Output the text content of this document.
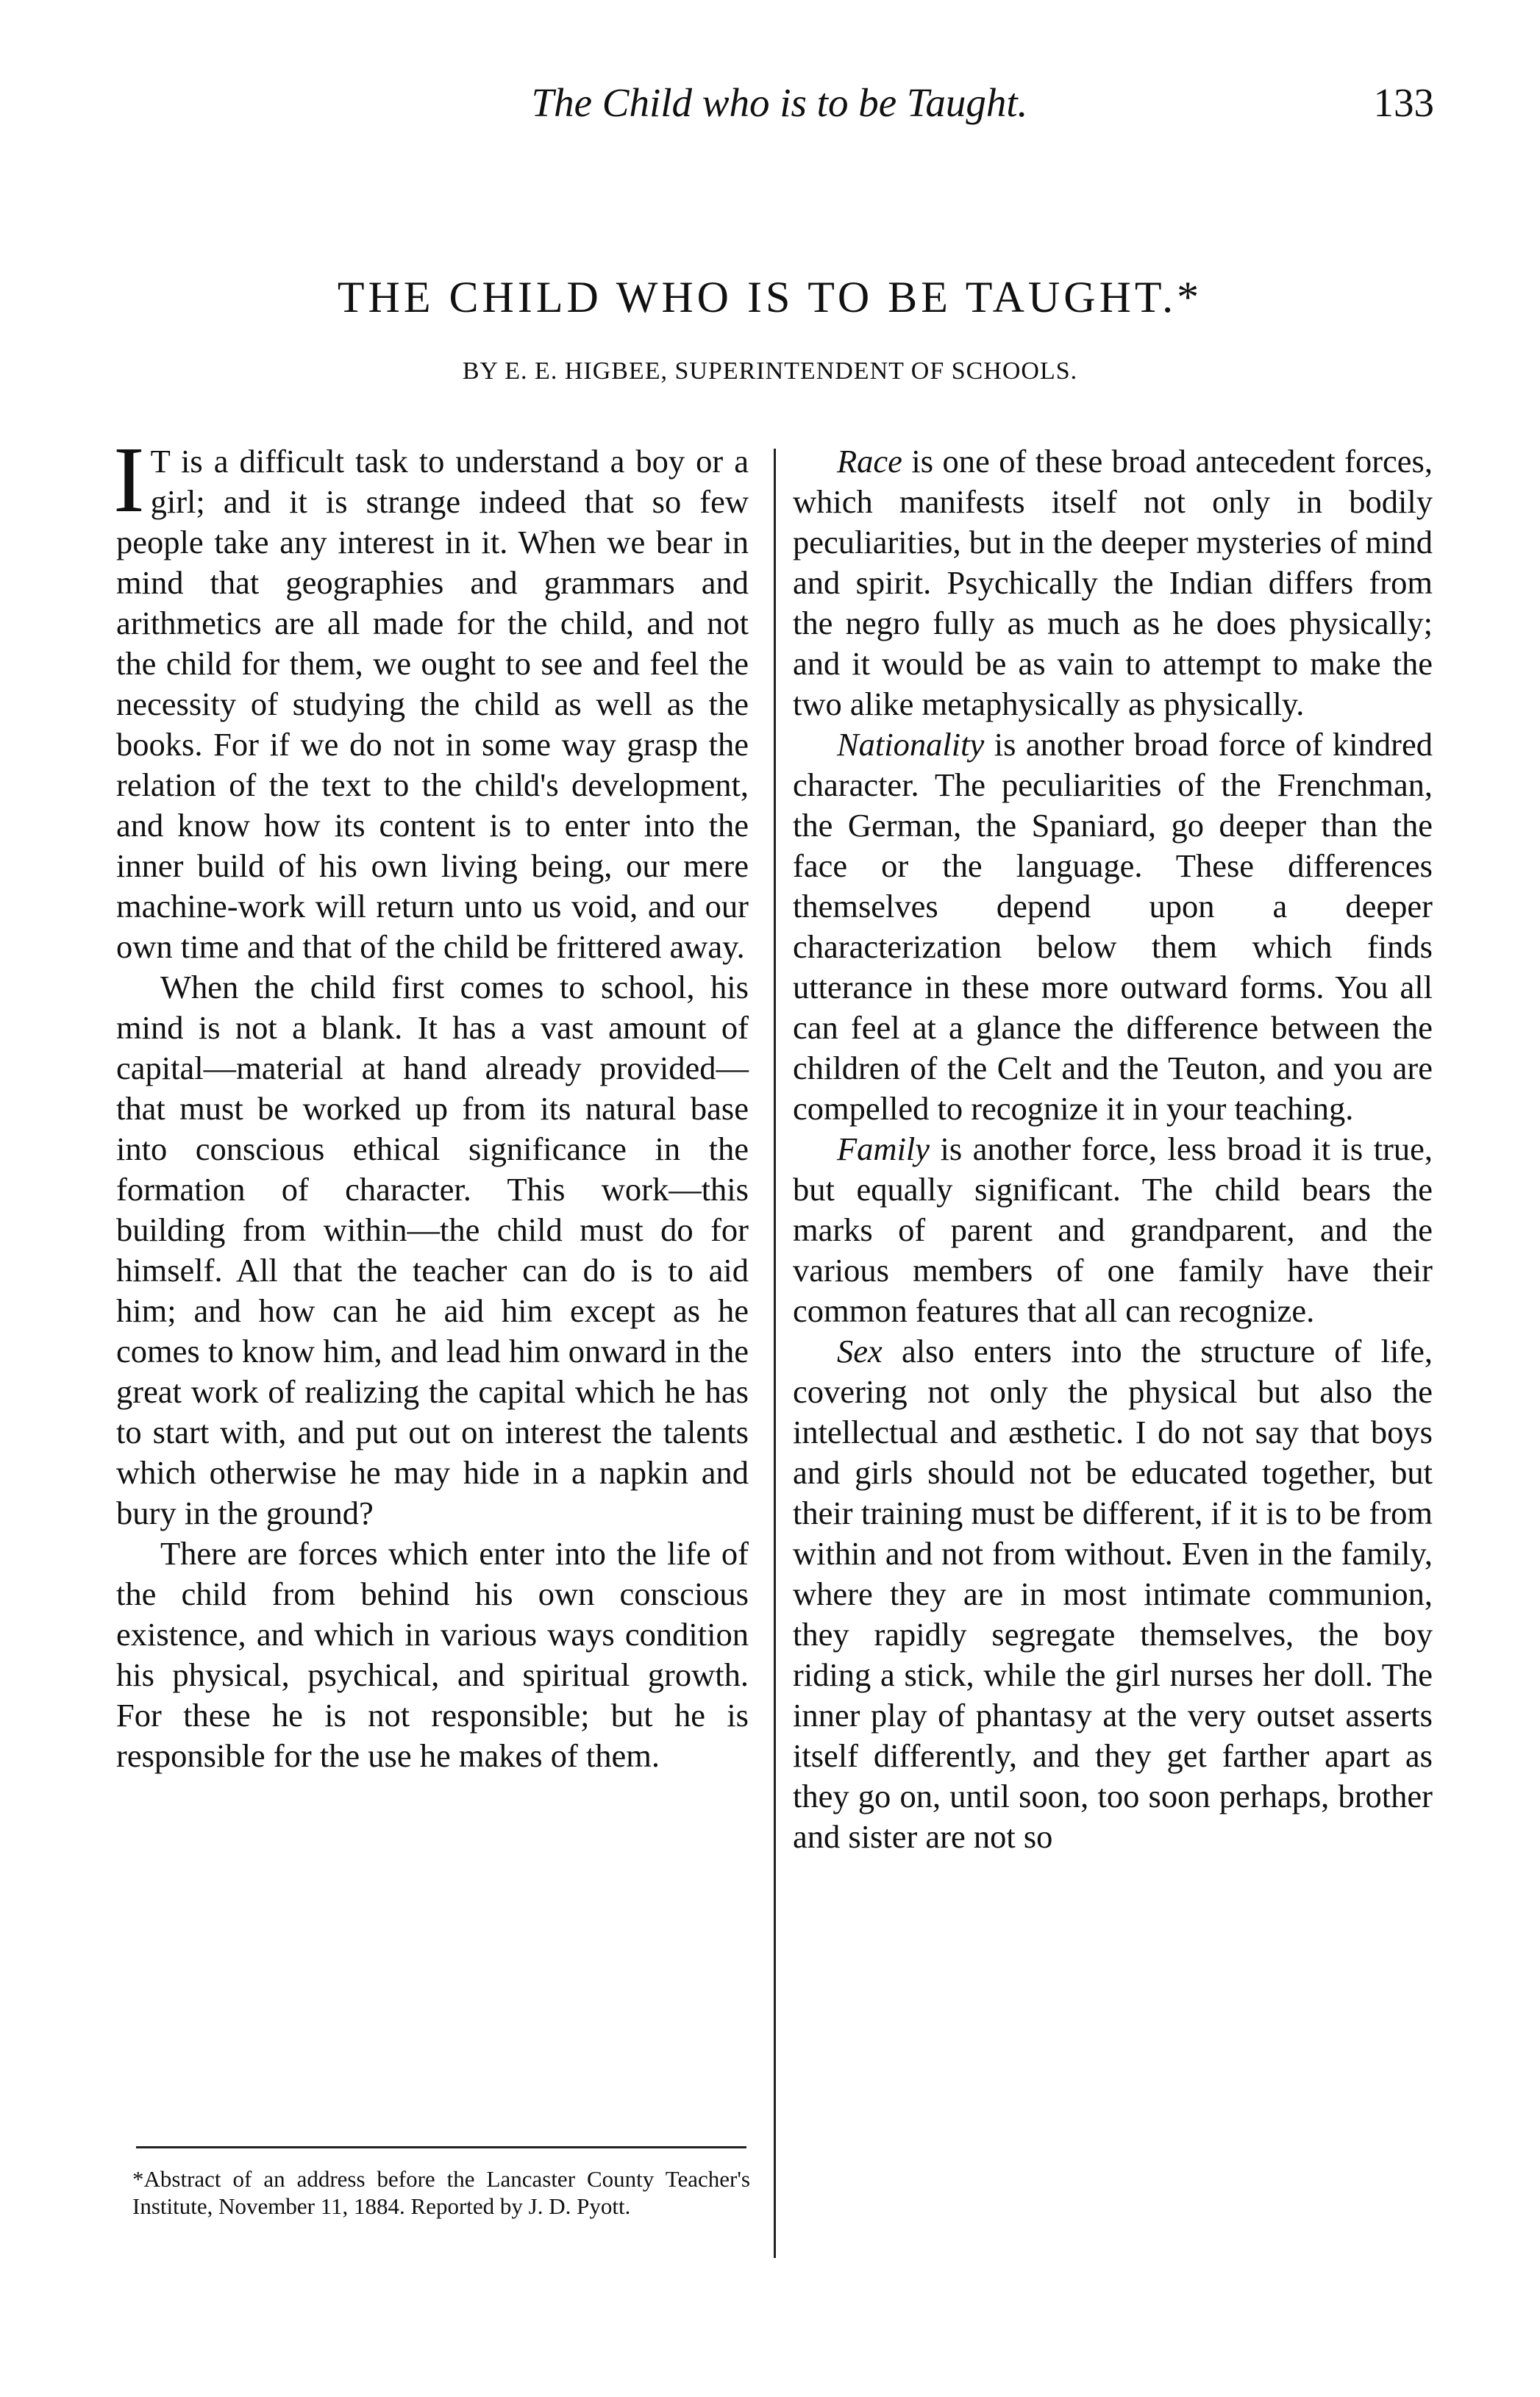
The Child who is to be Taught.	133
THE CHILD WHO IS TO BE TAUGHT.*
BY E. E. HIGBEE, SUPERINTENDENT OF SCHOOLS.

I T is a difficult task to understand a boy or a girl; and it is strange indeed that so few people take any interest in it. When we bear in mind that geographies and grammars and arithmetics are all made for the child, and not the child for them, we ought to see and feel the necessity of studying the child as well as the books. For if we do not in some way grasp the relation of the text to the child's development, and know how its content is to enter into the inner build of his own living being, our mere machine-work will return unto us void, and our own time and that of the child be frittered away.

When the child first comes to school, his mind is not a blank. It has a vast amount of capital—material at hand already provided—that must be worked up from its natural base into conscious ethical significance in the formation of character. This work—this building from within—the child must do for himself. All that the teacher can do is to aid him; and how can he aid him except as he comes to know him, and lead him onward in the great work of realizing the capital which he has to start with, and put out on interest the talents which otherwise he may hide in a napkin and bury in the ground?

There are forces which enter into the life of the child from behind his own conscious existence, and which in various ways condition his physical, psychical, and spiritual growth. For these he is not responsible; but he is responsible for the use he makes of them.

Race is one of these broad antecedent forces, which manifests itself not only in bodily peculiarities, but in the deeper mysteries of mind and spirit. Psychically the Indian differs from the negro fully as much as he does physically; and it would be as vain to attempt to make the two alike metaphysically as physically.

Nationality is another broad force of kindred character. The peculiarities of the Frenchman, the German, the Spaniard, go deeper than the face or the language. These differences themselves depend upon a deeper characterization below them which finds utterance in these more outward forms. You all can feel at a glance the difference between the children of the Celt and the Teuton, and you are compelled to recognize it in your teaching.

Family is another force, less broad it is true, but equally significant. The child bears the marks of parent and grandparent, and the various members of one family have their common features that all can recognize.

Sex also enters into the structure of life, covering not only the physical but also the intellectual and æsthetic. I do not say that boys and girls should not be educated together, but their training must be different, if it is to be from within and not from without. Even in the family, where they are in most intimate communion, they rapidly segregate themselves, the boy riding a stick, while the girl nurses her doll. The inner play of phantasy at the very outset asserts itself differently, and they get farther apart as they go on, until soon, too soon perhaps, brother and sister are not so

*Abstract of an address before the Lancaster County Teacher's Institute, November 11, 1884. Reported by J. D. Pyott.
